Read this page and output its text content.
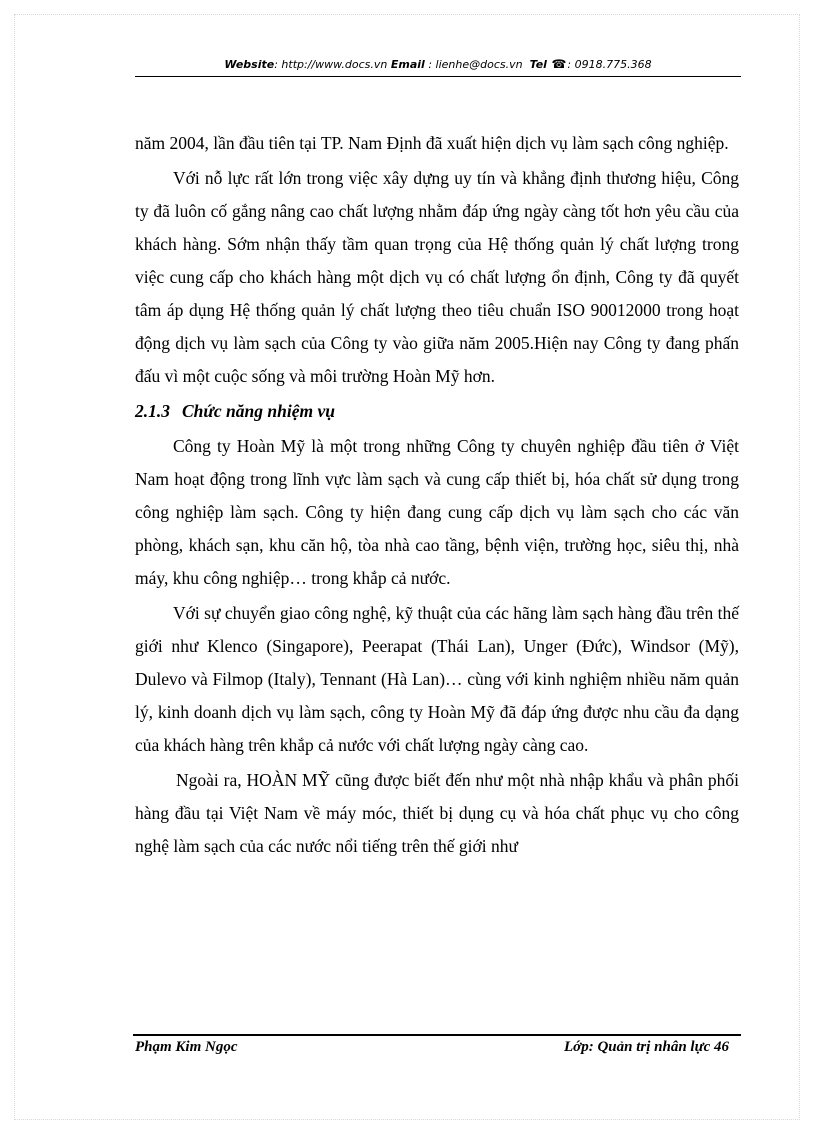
Website: http://www.docs.vn Email : lienhe@docs.vn Tel ☎: 0918.775.368

năm 2004, lần đầu tiên tại TP. Nam Định đã xuất hiện dịch vụ làm sạch công nghiệp.

Với nỗ lực rất lớn trong việc xây dựng uy tín và khẳng định thương hiệu, Công ty đã luôn cố gắng nâng cao chất lượng nhằm đáp ứng ngày càng tốt hơn yêu cầu của khách hàng. Sớm nhận thấy tầm quan trọng của Hệ thống quản lý chất lượng trong việc cung cấp cho khách hàng một dịch vụ có chất lượng ổn định, Công ty đã quyết tâm áp dụng Hệ thống quản lý chất lượng theo tiêu chuẩn ISO 90012000 trong hoạt động dịch vụ làm sạch của Công ty vào giữa năm 2005.Hiện nay Công ty đang phấn đấu vì một cuộc sống và môi trường Hoàn Mỹ hơn.

2.1.3 Chức năng nhiệm vụ

Công ty Hoàn Mỹ là một trong những Công ty chuyên nghiệp đầu tiên ở Việt Nam hoạt động trong lĩnh vực làm sạch và cung cấp thiết bị, hóa chất sử dụng trong công nghiệp làm sạch. Công ty hiện đang cung cấp dịch vụ làm sạch cho các văn phòng, khách sạn, khu căn hộ, tòa nhà cao tầng, bệnh viện, trường học, siêu thị, nhà máy, khu công nghiệp… trong khắp cả nước.

Với sự chuyển giao công nghệ, kỹ thuật của các hãng làm sạch hàng đầu trên thế giới như Klenco (Singapore), Peerapat (Thái Lan), Unger (Đức), Windsor (Mỹ), Dulevo và Filmop (Italy), Tennant (Hà Lan)… cùng với kinh nghiệm nhiều năm quản lý, kinh doanh dịch vụ làm sạch, công ty Hoàn Mỹ đã đáp ứng được nhu cầu đa dạng của khách hàng trên khắp cả nước với chất lượng ngày càng cao.

Ngoài ra, HOÀN MỸ cũng được biết đến như một nhà nhập khẩu và phân phối hàng đầu tại Việt Nam về máy móc, thiết bị dụng cụ và hóa chất phục vụ cho công nghệ làm sạch của các nước nổi tiếng trên thế giới như

Phạm Kim Ngọc	Lớp: Quản trị nhân lực 46
